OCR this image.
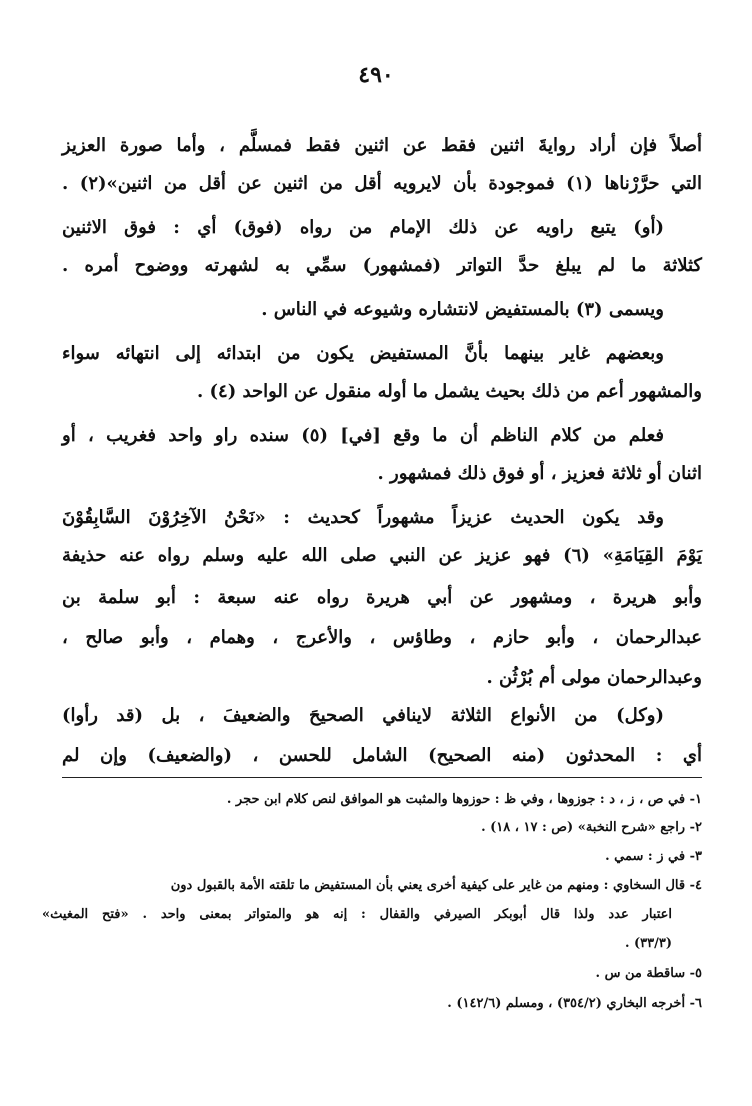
٤٩٠
أصلاً فإن أراد روايةَ اثنين فقط عن اثنين فقط فمسلَّم ، وأما صورة العزيز
التي حرَّرْناها (١) فموجودة بأن لايرويه أقل من اثنين عن أقل من اثنين»(٢) .
(أو) يتبع راويه عن ذلك الإمام من رواه (فوق) أي : فوق الاثنين
كثلاثة ما لم يبلغ حدَّ التواتر (فمشهور) سمِّي به لشهرته ووضوح أمره .
ويسمى (٣) بالمستفيض لانتشاره وشيوعه في الناس .
وبعضهم غاير بينهما بأنَّ المستفيض يكون من ابتدائه إلى انتهائه سواء
والمشهور أعم من ذلك بحيث يشمل ما أوله منقول عن الواحد (٤) .
فعلم من كلام الناظم أن ما وقع [في] (٥) سنده راو واحد فغريب ، أو
اثنان أو ثلاثة فعزيز ، أو فوق ذلك فمشهور .
وقد يكون الحديث عزيزاً مشهوراً كحديث : «نَحْنُ الآخِرُوْنَ السَّابِقُوْنَ
يَوْمَ القِيَامَةِ» (٦) فهو عزيز عن النبي صلى الله عليه وسلم رواه عنه حذيفة
وأبو هريرة ، ومشهور عن أبي هريرة رواه عنه سبعة : أبو سلمة بن
عبدالرحمان ، وأبو حازم ، وطاؤس ، والأعرج ، وهمام ، وأبو صالح ،
وعبدالرحمان مولى أم بُرْثُن .
(وكل) من الأنواع الثلاثة لاينافي الصحيحَ والضعيفَ ، بل (قد رأوا)
أي : المحدثون (منه الصحيح) الشامل للحسن ، (والضعيف) وإن لم
١- في ص ، ز ، د : جوزوها ، وفي ظ : حوزوها والمثبت هو الموافق لنص كلام ابن حجر .
٢- راجع «شرح النخبة» (ص : ١٧ ، ١٨) .
٣- في ز : سمي .
٤- قال السخاوي : ومنهم من غاير على كيفية أخرى يعني بأن المستفيض ما تلقته الأمة بالقبول دون
اعتبار عدد ولذا قال أبوبكر الصيرفي والقفال : إنه هو والمتواتر بمعنى واحد . «فتح المغيث»
(٣٣/٣) .
٥- ساقطة من س .
٦- أخرجه البخاري (٣٥٤/٢) ، ومسلم (١٤٢/٦) .
